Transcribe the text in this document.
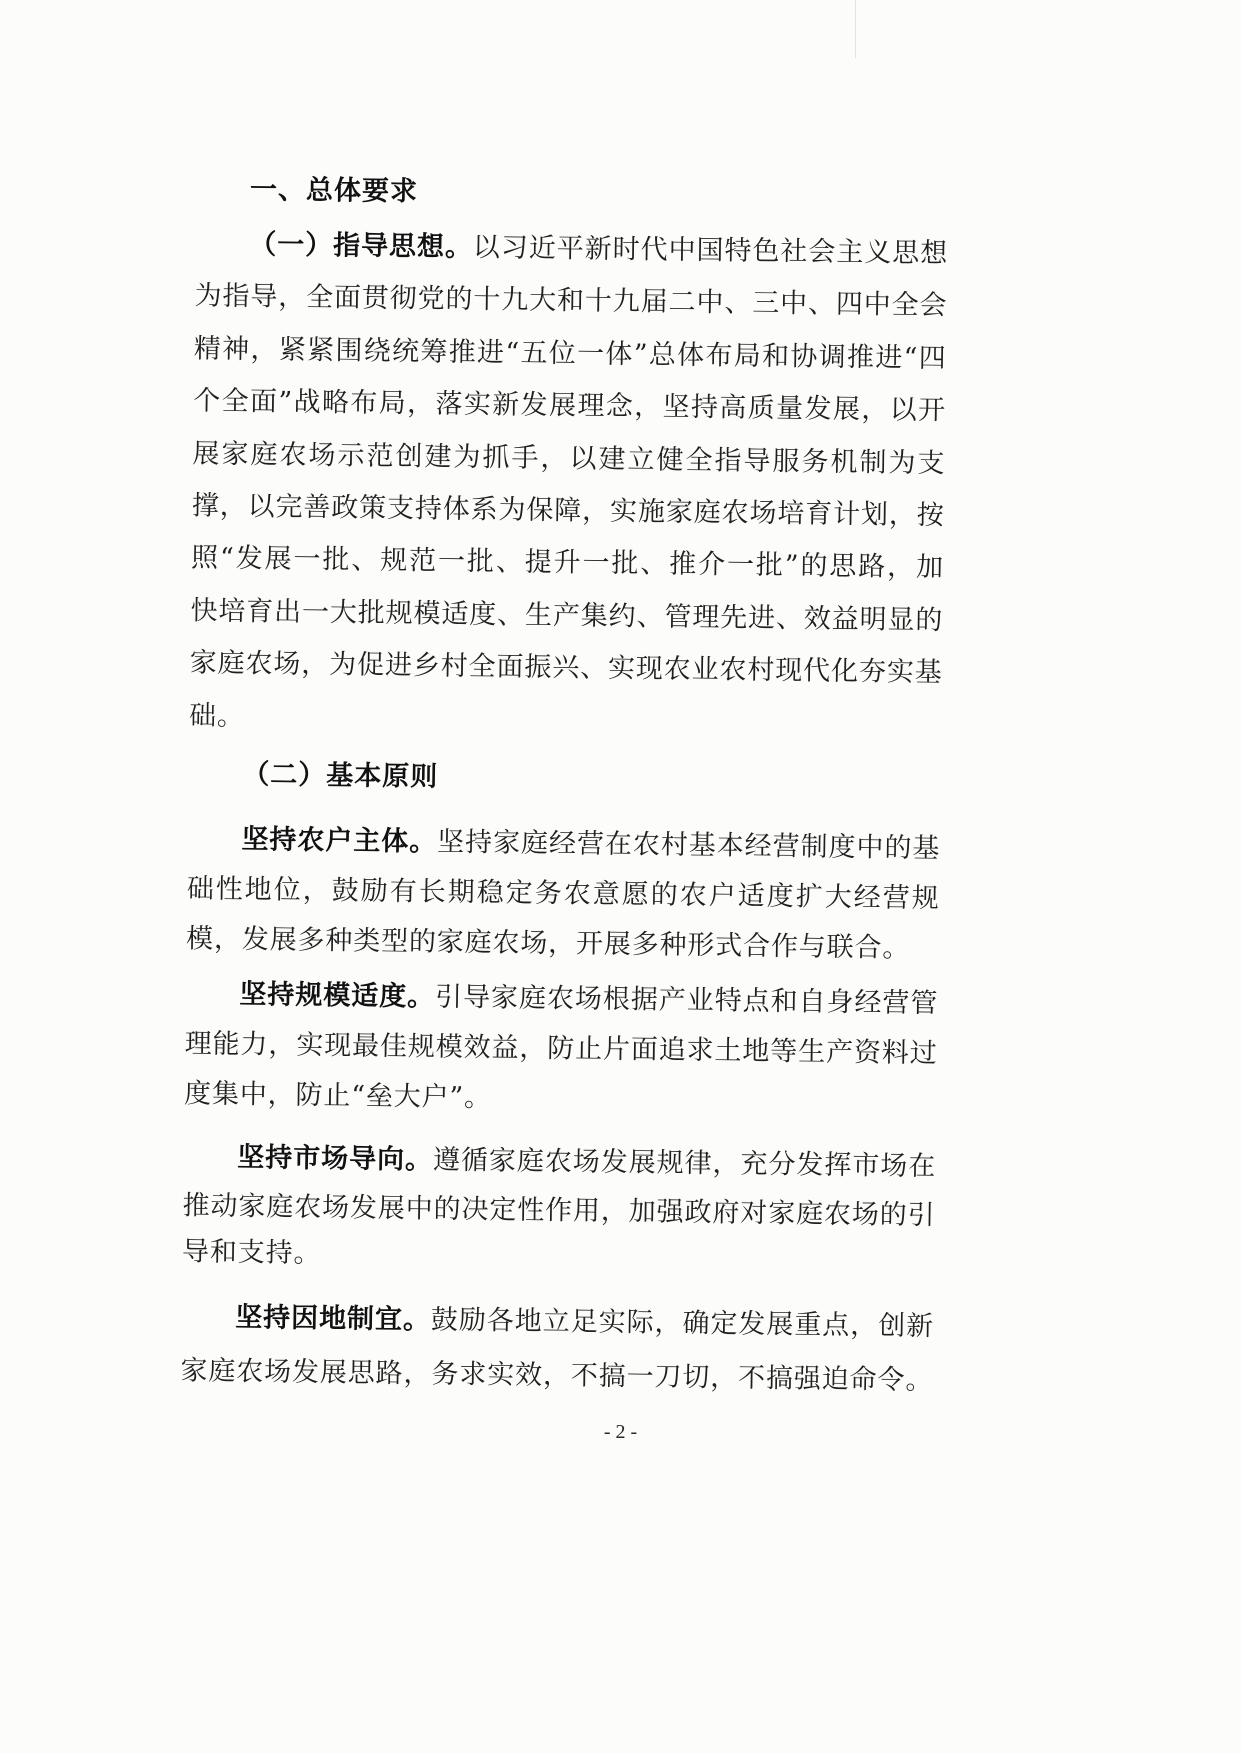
一、总体要求
（一）指导思想。以习近平新时代中国特色社会主义思想
为指导，全面贯彻党的十九大和十九届二中、三中、四中全会
精神，紧紧围绕统筹推进“五位一体”总体布局和协调推进“四
个全面”战略布局，落实新发展理念，坚持高质量发展，以开
展家庭农场示范创建为抓手，以建立健全指导服务机制为支
撑，以完善政策支持体系为保障，实施家庭农场培育计划，按
照“发展一批、规范一批、提升一批、推介一批”的思路，加
快培育出一大批规模适度、生产集约、管理先进、效益明显的
家庭农场，为促进乡村全面振兴、实现农业农村现代化夯实基
础。
（二）基本原则
坚持农户主体。坚持家庭经营在农村基本经营制度中的基
础性地位，鼓励有长期稳定务农意愿的农户适度扩大经营规
模，发展多种类型的家庭农场，开展多种形式合作与联合。
坚持规模适度。引导家庭农场根据产业特点和自身经营管
理能力，实现最佳规模效益，防止片面追求土地等生产资料过
度集中，防止“垒大户”。
坚持市场导向。遵循家庭农场发展规律，充分发挥市场在
推动家庭农场发展中的决定性作用，加强政府对家庭农场的引
导和支持。
坚持因地制宜。鼓励各地立足实际，确定发展重点，创新
家庭农场发展思路，务求实效，不搞一刀切，不搞强迫命令。
- 2 -
